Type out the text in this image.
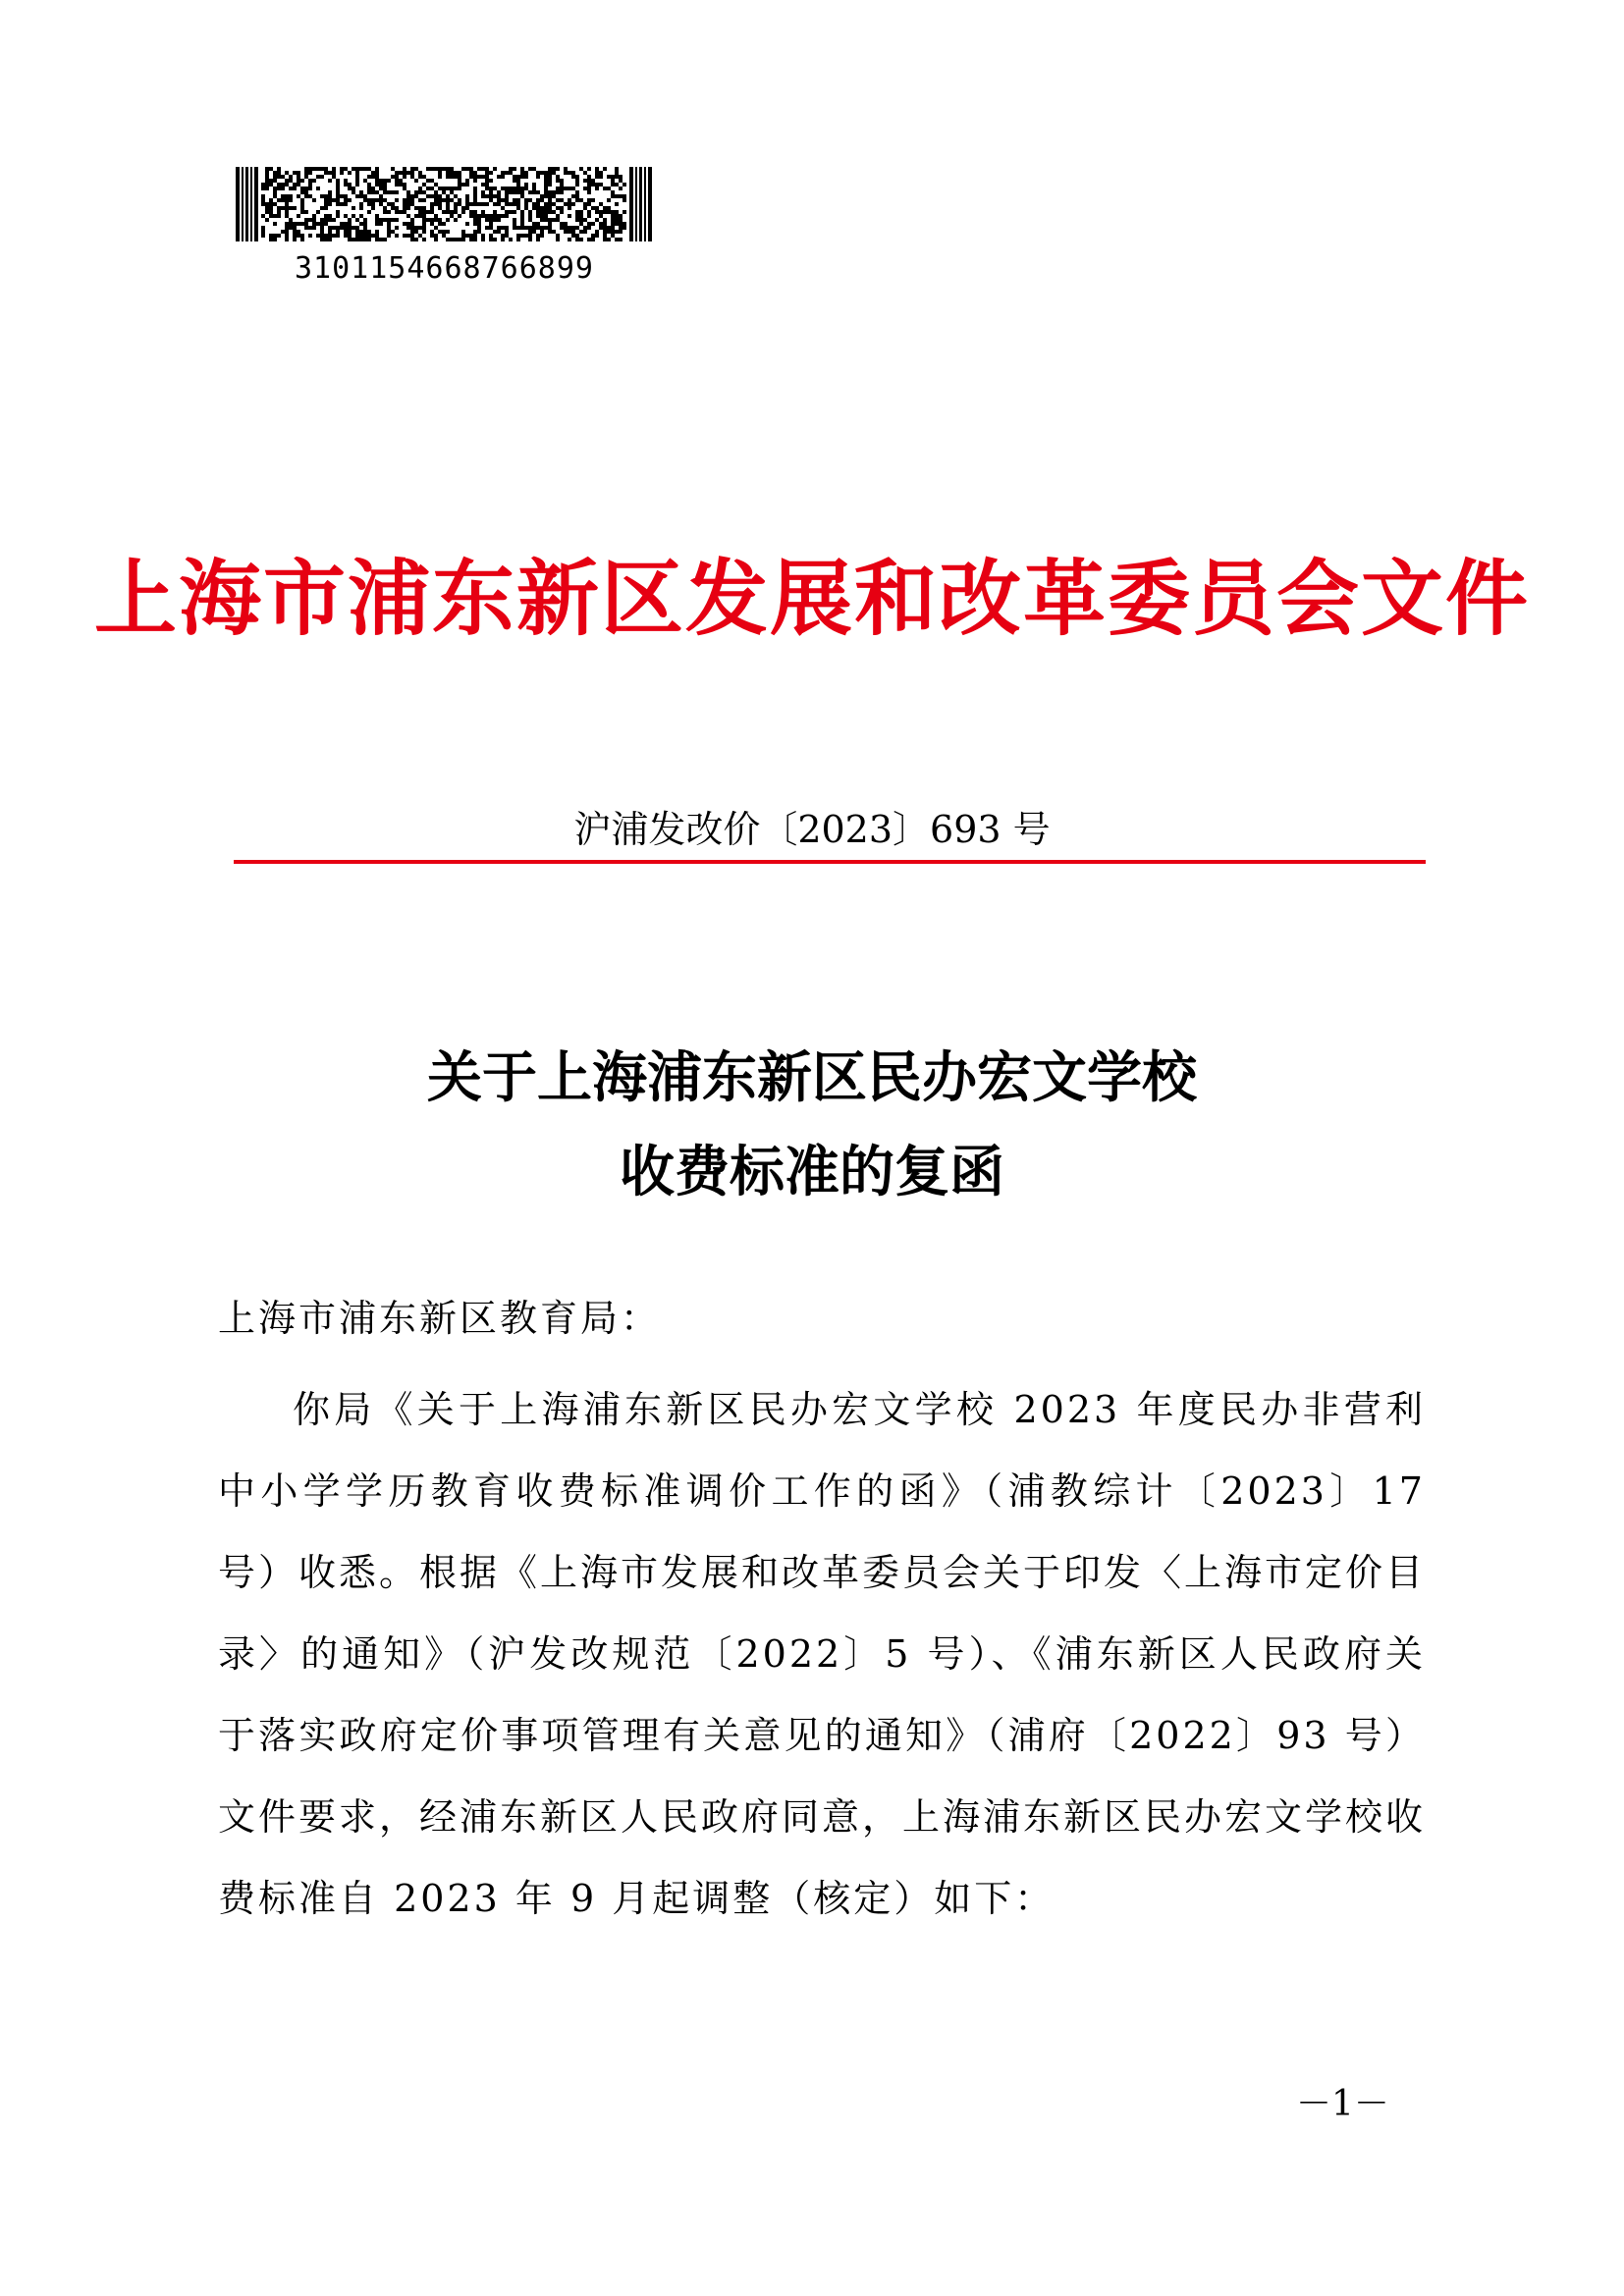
3101154668766899
上海市浦东新区发展和改革委员会文件
沪浦发改价〔2023〕693 号
关于上海浦东新区民办宏文学校
收费标准的复函
上海市浦东新区教育局：

你局《关于上海浦东新区民办宏文学校 2023 年度民办非营利中小学学历教育收费标准调价工作的函》（浦教综计〔2023〕17 号）收悉。根据《上海市发展和改革委员会关于印发〈上海市定价目录〉的通知》（沪发改规范〔2022〕5 号）、《浦东新区人民政府关于落实政府定价事项管理有关意见的通知》（浦府〔2022〕93 号）文件要求，经浦东新区人民政府同意，上海浦东新区民办宏文学校收费标准自 2023 年 9 月起调整（核定）如下：

－1－
